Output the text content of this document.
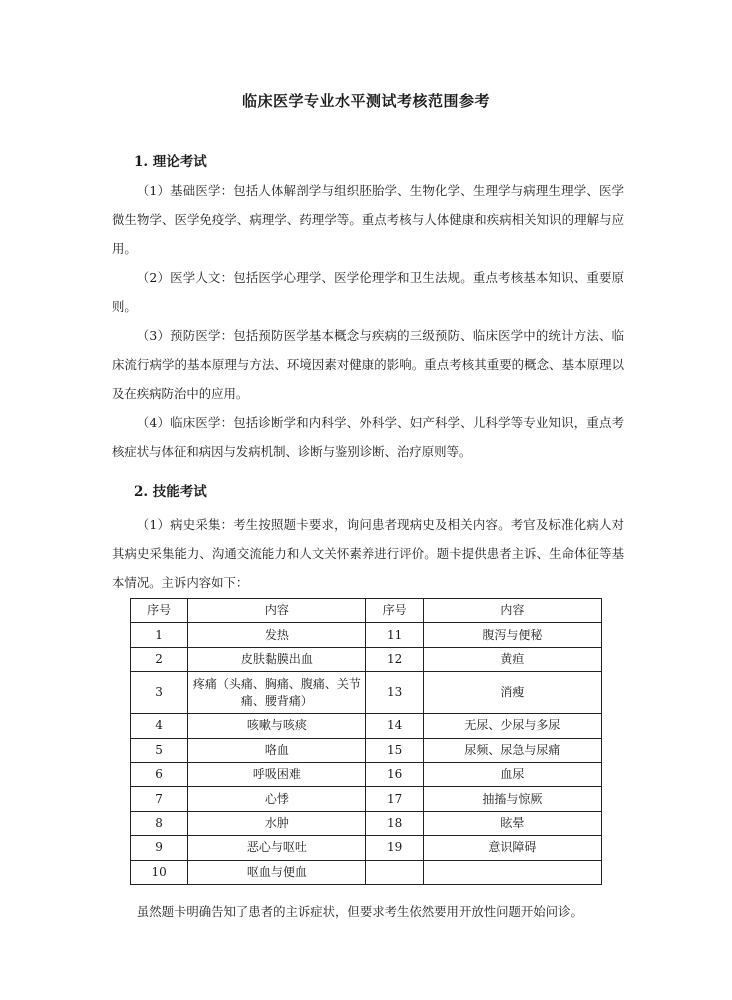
临床医学专业水平测试考核范围参考
1. 理论考试
（1）基础医学：包括人体解剖学与组织胚胎学、生物化学、生理学与病理生理学、医学微生物学、医学免疫学、病理学、药理学等。重点考核与人体健康和疾病相关知识的理解与应用。
（2）医学人文：包括医学心理学、医学伦理学和卫生法规。重点考核基本知识、重要原则。
（3）预防医学：包括预防医学基本概念与疾病的三级预防、临床医学中的统计方法、临床流行病学的基本原理与方法、环境因素对健康的影响。重点考核其重要的概念、基本原理以及在疾病防治中的应用。
（4）临床医学：包括诊断学和内科学、外科学、妇产科学、儿科学等专业知识，重点考核症状与体征和病因与发病机制、诊断与鉴别诊断、治疗原则等。
2. 技能考试
（1）病史采集：考生按照题卡要求，询问患者现病史及相关内容。考官及标准化病人对其病史采集能力、沟通交流能力和人文关怀素养进行评价。题卡提供患者主诉、生命体征等基本情况。主诉内容如下：
序号	内容	序号	内容
1	发热	11	腹泻与便秘
2	皮肤黏膜出血	12	黄疸
3	疼痛（头痛、胸痛、腹痛、关节痛、腰背痛）	13	消瘦
4	咳嗽与咳痰	14	无尿、少尿与多尿
5	咯血	15	尿频、尿急与尿痛
6	呼吸困难	16	血尿
7	心悸	17	抽搐与惊厥
8	水肿	18	眩晕
9	恶心与呕吐	19	意识障碍
10	呕血与便血		
虽然题卡明确告知了患者的主诉症状，但要求考生依然要用开放性问题开始问诊。
